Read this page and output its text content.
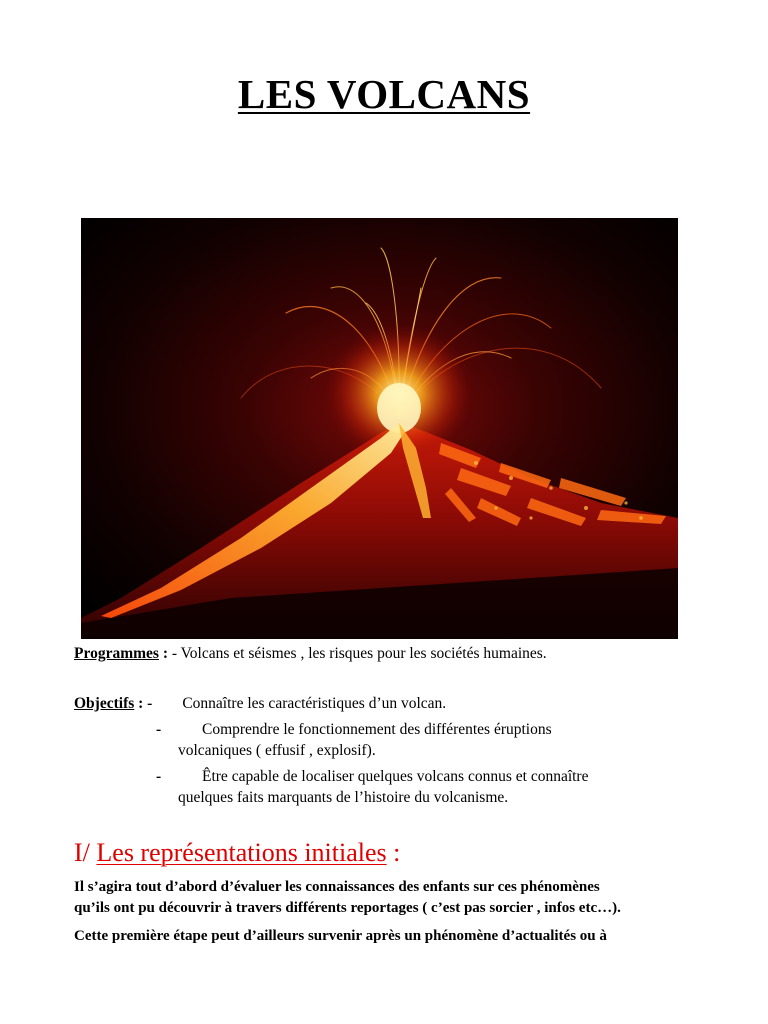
LES VOLCANS
Programmes : - Volcans et séismes , les risques pour les sociétés humaines.
Objectifs : - Connaître les caractéristiques d’un volcan.
-	Comprendre le fonctionnement des différentes éruptions
volcaniques ( effusif , explosif).
-	Être capable de localiser quelques volcans connus et connaître
quelques faits marquants de l’histoire du volcanisme.
I/ Les représentations initiales :
Il s’agira tout d’abord d’évaluer les connaissances des enfants sur ces phénomènes
qu’ils ont pu découvrir à travers différents reportages ( c’est pas sorcier , infos etc…).
Cette première étape peut d’ailleurs survenir après un phénomène d’actualités ou à
